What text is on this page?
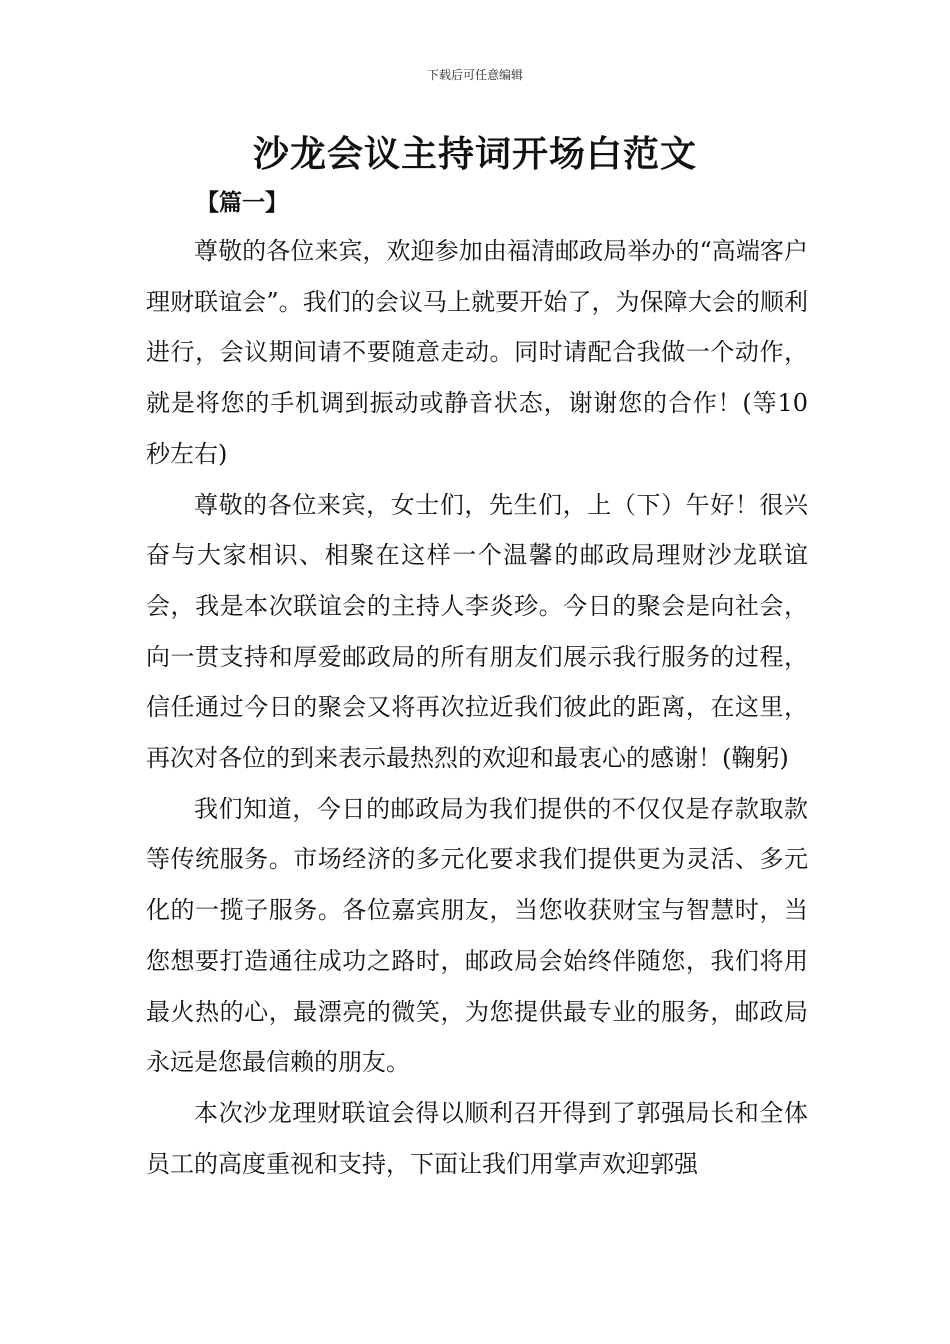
下载后可任意编辑
沙龙会议主持词开场白范文
【篇一】

尊敬的各位来宾，欢迎参加由福清邮政局举办的“高端客户理财联谊会”。我们的会议马上就要开始了，为保障大会的顺利进行，会议期间请不要随意走动。同时请配合我做一个动作，就是将您的手机调到振动或静音状态，谢谢您的合作！(等10秒左右)

尊敬的各位来宾，女士们，先生们，上（下）午好！很兴奋与大家相识、相聚在这样一个温馨的邮政局理财沙龙联谊会，我是本次联谊会的主持人李炎珍。今日的聚会是向社会，向一贯支持和厚爱邮政局的所有朋友们展示我行服务的过程，信任通过今日的聚会又将再次拉近我们彼此的距离，在这里，再次对各位的到来表示最热烈的欢迎和最衷心的感谢！(鞠躬)

我们知道，今日的邮政局为我们提供的不仅仅是存款取款等传统服务。市场经济的多元化要求我们提供更为灵活、多元化的一揽子服务。各位嘉宾朋友，当您收获财宝与智慧时，当您想要打造通往成功之路时，邮政局会始终伴随您，我们将用最火热的心，最漂亮的微笑，为您提供最专业的服务，邮政局永远是您最信赖的朋友。

本次沙龙理财联谊会得以顺利召开得到了郭强局长和全体员工的高度重视和支持，下面让我们用掌声欢迎郭强
